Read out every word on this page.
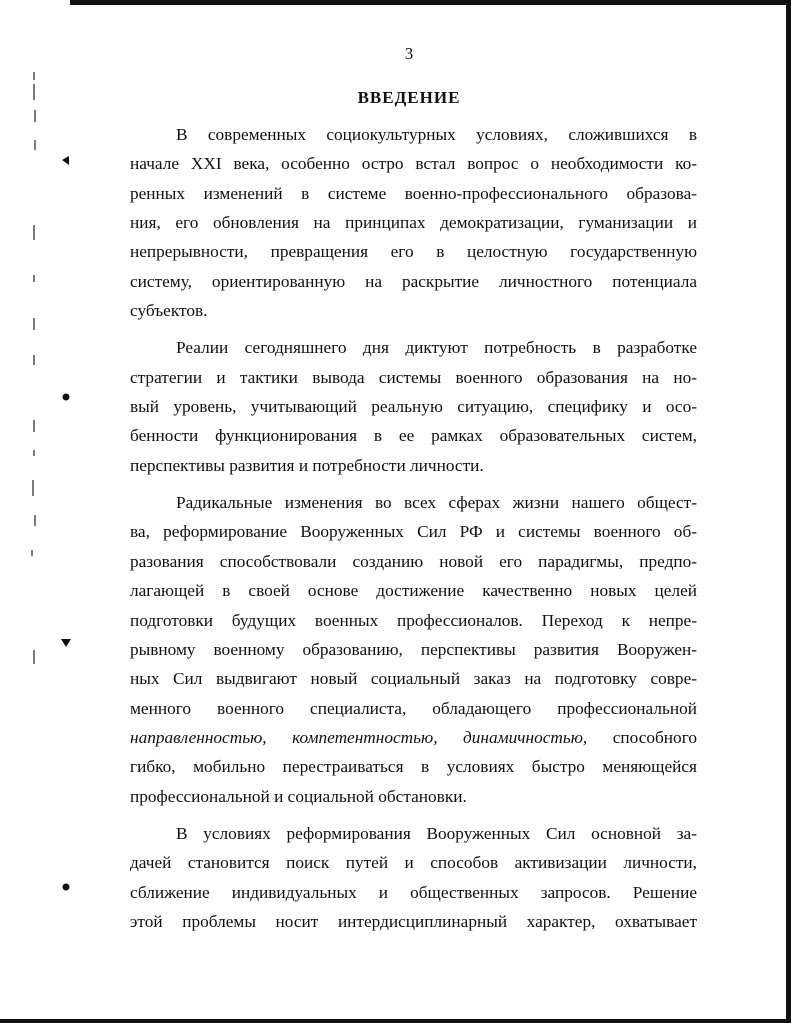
3
ВВЕДЕНИЕ
В современных социокультурных условиях, сложившихся в
начале XXI века, особенно остро встал вопрос о необходимости ко-
ренных изменений в системе военно-профессионального образова-
ния, его обновления на принципах демократизации, гуманизации и
непрерывности, превращения его в целостную государственную
систему, ориентированную на раскрытие личностного потенциала
субъектов.
Реалии сегодняшнего дня диктуют потребность в разработке
стратегии и тактики вывода системы военного образования на но-
вый уровень, учитывающий реальную ситуацию, специфику и осо-
бенности функционирования в ее рамках образовательных систем,
перспективы развития и потребности личности.
Радикальные изменения во всех сферах жизни нашего общест-
ва, реформирование Вооруженных Сил РФ и системы военного об-
разования способствовали созданию новой его парадигмы, предпо-
лагающей в своей основе достижение качественно новых целей
подготовки будущих военных профессионалов. Переход к непре-
рывному военному образованию, перспективы развития Вооружен-
ных Сил выдвигают новый социальный заказ на подготовку совре-
менного военного специалиста, обладающего профессиональной
направленностью, компетентностью, динамичностью, способного
гибко, мобильно перестраиваться в условиях быстро меняющейся
профессиональной и социальной обстановки.
В условиях реформирования Вооруженных Сил основной за-
дачей становится поиск путей и способов активизации личности,
сближение индивидуальных и общественных запросов. Решение
этой проблемы носит интердисциплинарный характер, охватывает
